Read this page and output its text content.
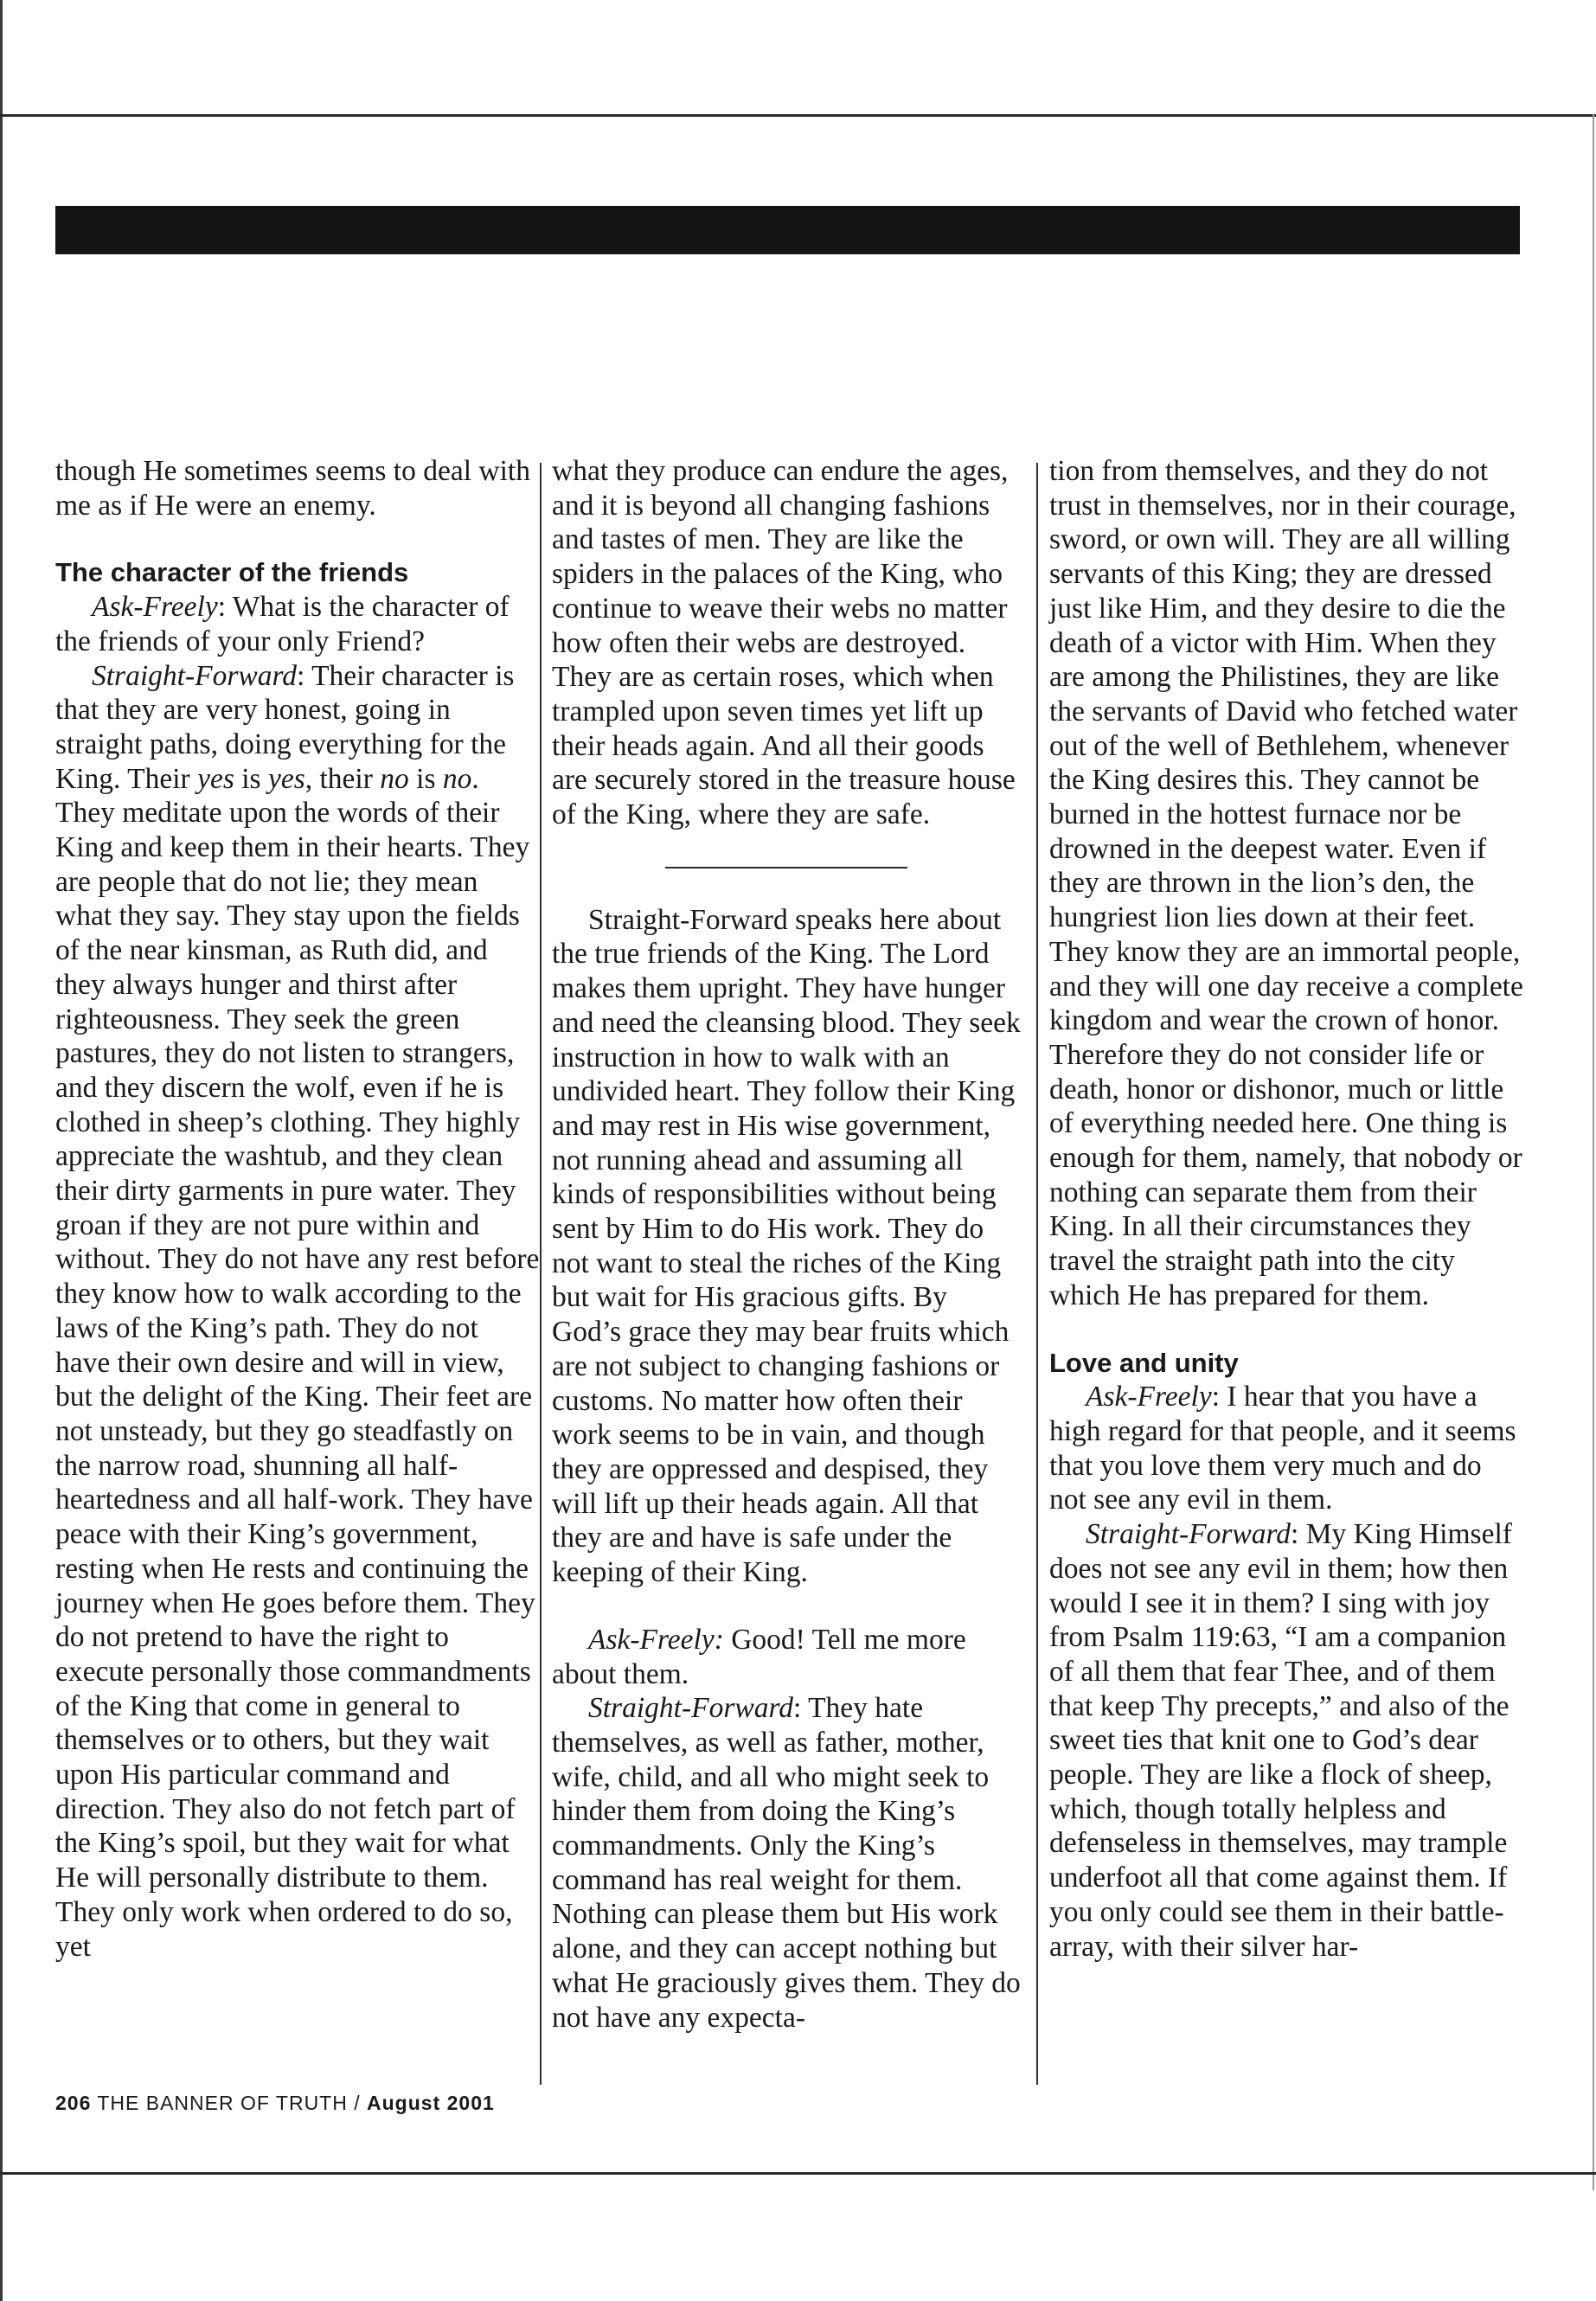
though He sometimes seems to deal with me as if He were an enemy.

The character of the friends

Ask-Freely: What is the character of the friends of your only Friend?

Straight-Forward: Their character is that they are very honest, going in straight paths, doing everything for the King. Their yes is yes, their no is no. They meditate upon the words of their King and keep them in their hearts. They are people that do not lie; they mean what they say. They stay upon the fields of the near kinsman, as Ruth did, and they always hunger and thirst after righteousness. They seek the green pastures, they do not listen to strangers, and they discern the wolf, even if he is clothed in sheep’s clothing. They highly appreciate the washtub, and they clean their dirty garments in pure water. They groan if they are not pure within and without. They do not have any rest before they know how to walk according to the laws of the King’s path. They do not have their own desire and will in view, but the delight of the King. Their feet are not unsteady, but they go steadfastly on the narrow road, shunning all half-heartedness and all half-work. They have peace with their King’s government, resting when He rests and continuing the journey when He goes before them. They do not pretend to have the right to execute personally those commandments of the King that come in general to themselves or to others, but they wait upon His particular command and direction. They also do not fetch part of the King’s spoil, but they wait for what He will personally distribute to them. They only work when ordered to do so, yet

what they produce can endure the ages, and it is beyond all changing fashions and tastes of men. They are like the spiders in the palaces of the King, who continue to weave their webs no matter how often their webs are destroyed. They are as certain roses, which when trampled upon seven times yet lift up their heads again. And all their goods are securely stored in the treasure house of the King, where they are safe.

Straight-Forward speaks here about the true friends of the King. The Lord makes them upright. They have hunger and need the cleansing blood. They seek instruction in how to walk with an undivided heart. They follow their King and may rest in His wise government, not running ahead and assuming all kinds of responsibilities without being sent by Him to do His work. They do not want to steal the riches of the King but wait for His gracious gifts. By God’s grace they may bear fruits which are not subject to changing fashions or customs. No matter how often their work seems to be in vain, and though they are oppressed and despised, they will lift up their heads again. All that they are and have is safe under the keeping of their King.

Ask-Freely: Good! Tell me more about them.

Straight-Forward: They hate themselves, as well as father, mother, wife, child, and all who might seek to hinder them from doing the King’s commandments. Only the King’s command has real weight for them. Nothing can please them but His work alone, and they can accept nothing but what He graciously gives them. They do not have any expecta-

tion from themselves, and they do not trust in themselves, nor in their courage, sword, or own will. They are all willing servants of this King; they are dressed just like Him, and they desire to die the death of a victor with Him. When they are among the Philistines, they are like the servants of David who fetched water out of the well of Bethlehem, whenever the King desires this. They cannot be burned in the hottest furnace nor be drowned in the deepest water. Even if they are thrown in the lion’s den, the hungriest lion lies down at their feet. They know they are an immortal people, and they will one day receive a complete kingdom and wear the crown of honor. Therefore they do not consider life or death, honor or dishonor, much or little of everything needed here. One thing is enough for them, namely, that nobody or nothing can separate them from their King. In all their circumstances they travel the straight path into the city which He has prepared for them.

Love and unity

Ask-Freely: I hear that you have a high regard for that people, and it seems that you love them very much and do not see any evil in them.

Straight-Forward: My King Himself does not see any evil in them; how then would I see it in them? I sing with joy from Psalm 119:63, “I am a companion of all them that fear Thee, and of them that keep Thy precepts,” and also of the sweet ties that knit one to God’s dear people. They are like a flock of sheep, which, though totally helpless and defenseless in themselves, may trample underfoot all that come against them. If you only could see them in their battle-array, with their silver har-

206 THE BANNER OF TRUTH / August 2001
